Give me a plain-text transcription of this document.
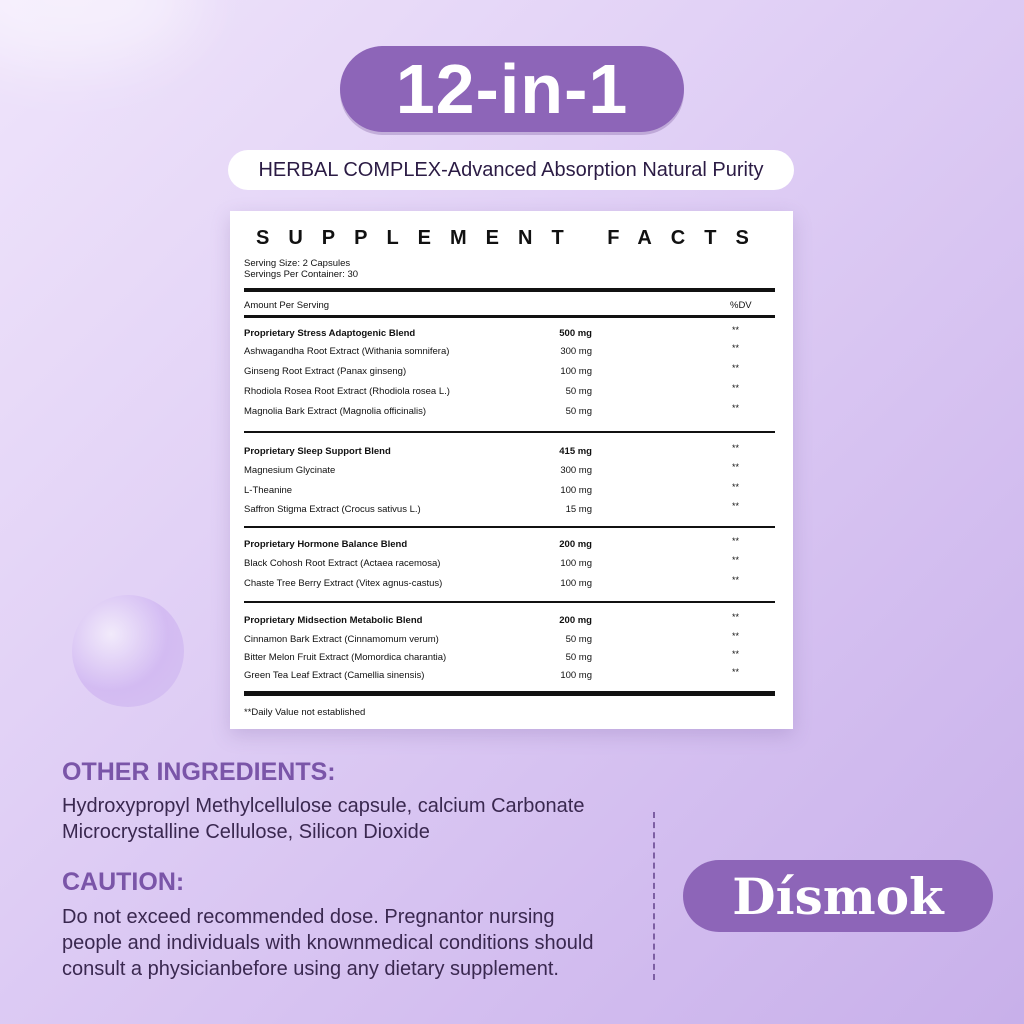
12-in-1
HERBAL COMPLEX-Advanced Absorption Natural Purity
SUPPLEMENT FACTS
Serving Size: 2 Capsules
Servings Per Container: 30
Amount Per Serving	%DV
Proprietary Stress Adaptogenic Blend	500 mg	**
Ashwagandha Root Extract (Withania somnifera)	300 mg	**
Ginseng Root Extract (Panax ginseng)	100 mg	**
Rhodiola Rosea Root Extract (Rhodiola rosea L.)	50 mg	**
Magnolia Bark Extract (Magnolia officinalis)	50 mg	**
Proprietary Sleep Support Blend	415 mg	**
Magnesium Glycinate	300 mg	**
L-Theanine	100 mg	**
Saffron Stigma Extract (Crocus sativus L.)	15 mg	**
Proprietary Hormone Balance Blend	200 mg	**
Black Cohosh Root Extract (Actaea racemosa)	100 mg	**
Chaste Tree Berry Extract (Vitex agnus-castus)	100 mg	**
Proprietary Midsection Metabolic Blend	200 mg	**
Cinnamon Bark Extract (Cinnamomum verum)	50 mg	**
Bitter Melon Fruit Extract (Momordica charantia)	50 mg	**
Green Tea Leaf Extract (Camellia sinensis)	100 mg	**
**Daily Value not established
OTHER INGREDIENTS:
Hydroxypropyl Methylcellulose capsule, calcium Carbonate
Microcrystalline Cellulose, Silicon Dioxide
CAUTION:
Do not exceed recommended dose. Pregnantor nursing
people and individuals with knownmedical conditions should
consult a physicianbefore using any dietary supplement.
Dísmok
